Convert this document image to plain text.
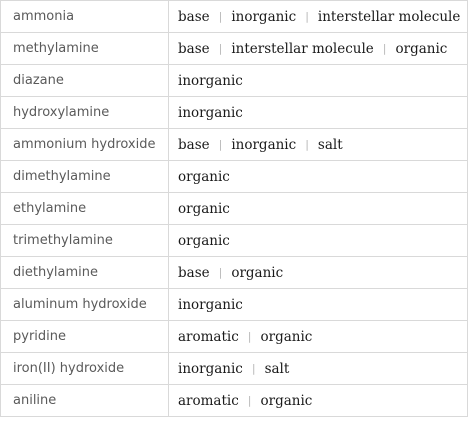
ammonia	base | inorganic | interstellar molecule
methylamine	base | interstellar molecule | organic
diazane	inorganic
hydroxylamine	inorganic
ammonium hydroxide	base | inorganic | salt
dimethylamine	organic
ethylamine	organic
trimethylamine	organic
diethylamine	base | organic
aluminum hydroxide	inorganic
pyridine	aromatic | organic
iron(II) hydroxide	inorganic | salt
aniline	aromatic | organic
